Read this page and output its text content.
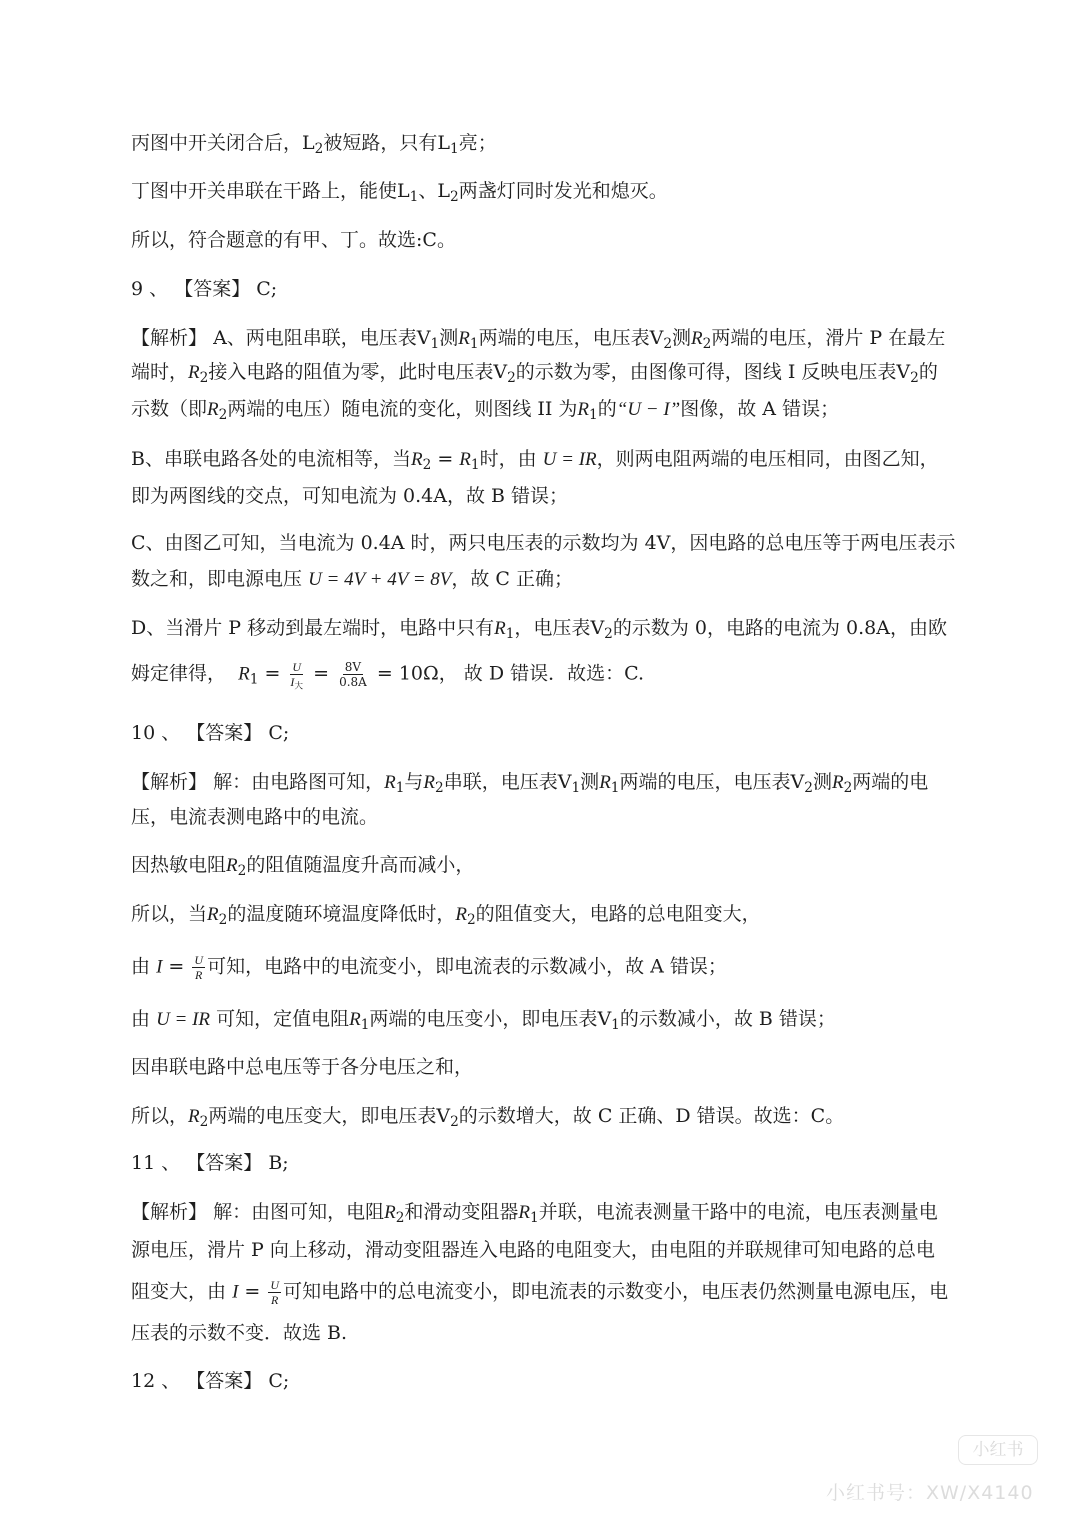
丙图中开关闭合后，$L_2$被短路，只有$L_1$亮；
丁图中开关串联在干路上，能使$L_1$、$L_2$两盏灯同时发光和熄灭。
所以，符合题意的有甲、丁。故选:C。
9 、 【答案】 C;
【解析】 A、两电阻串联，电压表$V_1$测$R_1$两端的电压，电压表$V_2$测$R_2$两端的电压，滑片 P 在最左
端时，$R_2$接入电路的阻值为零，此时电压表$V_2$的示数为零，由图像可得，图线 I 反映电压表$V_2$的
示数（即$R_2$两端的电压）随电流的变化，则图线 II 为$R_1$的“U − I”图像，故 A 错误；
B、串联电路各处的电流相等，当$R_2 = R_1$时，由 U = IR，则两电阻两端的电压相同，由图乙知，
即为两图线的交点，可知电流为 0.4A，故 B 错误；
C、由图乙可知，当电流为 0.4A 时，两只电压表的示数均为 4V，因电路的总电压等于两电压表示
数之和，即电源电压 U = 4V + 4V = 8V，故 C 正确；
D、当滑片 P 移动到最左端时，电路中只有$R_1$，电压表$V_2$的示数为 0，电路的电流为 0.8A，由欧
姆定律得， $R_1 = \frac{U}{I_大} = \frac{8V}{0.8A} = 10\Omega$， 故 D 错误．故选：C.
10 、 【答案】 C;
【解析】 解：由电路图可知，$R_1$与$R_2$串联，电压表$V_1$测$R_1$两端的电压，电压表$V_2$测$R_2$两端的电
压，电流表测电路中的电流。
因热敏电阻$R_2$的阻值随温度升高而减小，
所以，当$R_2$的温度随环境温度降低时，$R_2$的阻值变大，电路的总电阻变大，
由 $I = \frac{U}{R}$ 可知，电路中的电流变小，即电流表的示数减小，故 A 错误；
由 U = IR 可知，定值电阻$R_1$两端的电压变小，即电压表$V_1$的示数减小，故 B 错误；
因串联电路中总电压等于各分电压之和，
所以，$R_2$两端的电压变大，即电压表$V_2$的示数增大，故 C 正确、D 错误。故选：C。
11 、 【答案】 B;
【解析】 解：由图可知，电阻$R_2$和滑动变阻器$R_1$并联，电流表测量干路中的电流，电压表测量电
源电压，滑片 P 向上移动，滑动变阻器连入电路的电阻变大，由电阻的并联规律可知电路的总电
阻变大，由 $I = \frac{U}{R}$ 可知电路中的总电流变小，即电流表的示数变小，电压表仍然测量电源电压，电
压表的示数不变．故选 B.
12 、 【答案】 C;
小红书
小红书号：XW/X4140
